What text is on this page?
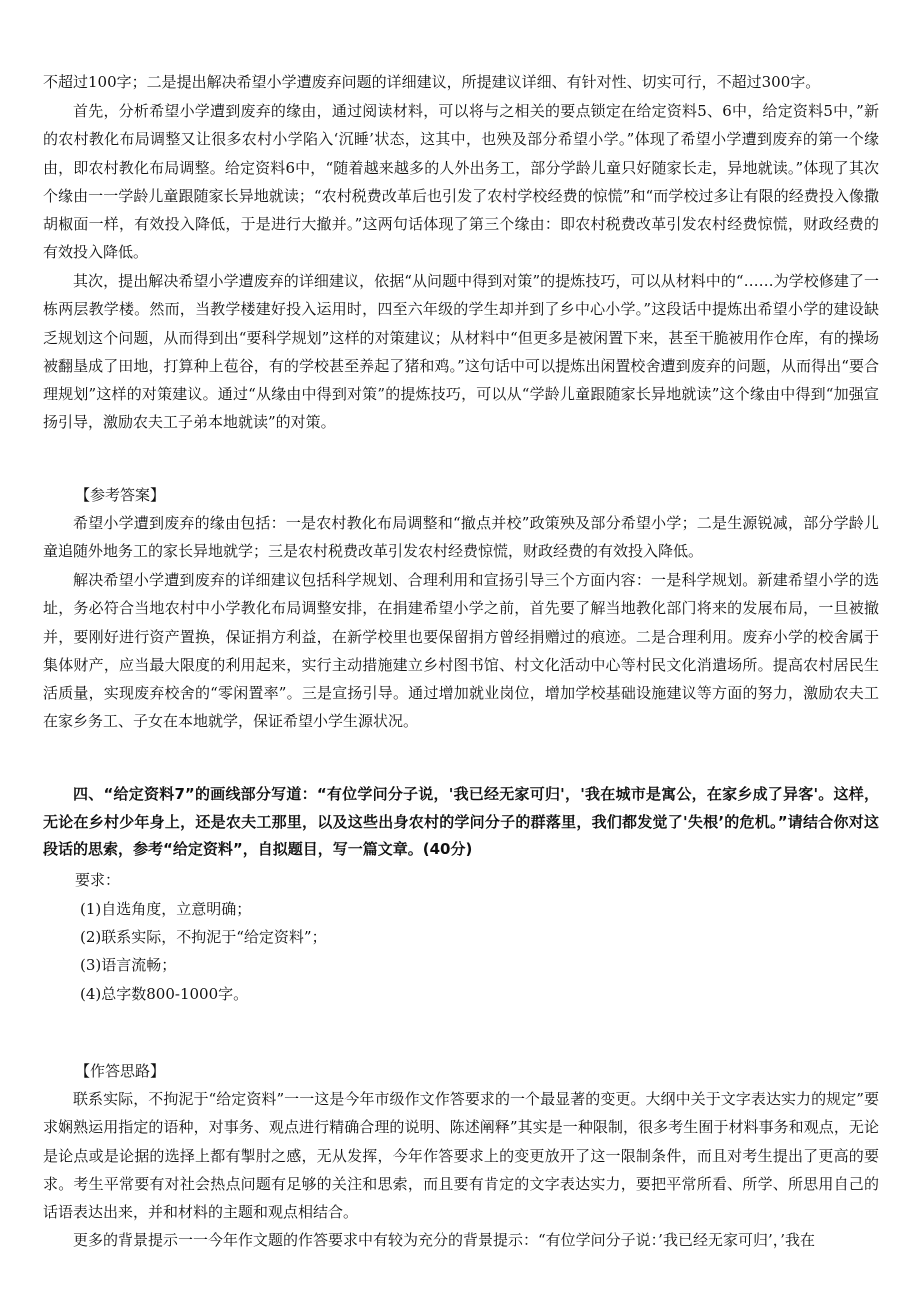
不超过100字；二是提出解决希望小学遭废弃问题的详细建议，所提建议详细、有针对性、切实可行，不超过300字。

首先，分析希望小学遭到废弃的缘由，通过阅读材料，可以将与之相关的要点锁定在给定资料5、6中，给定资料5中，”新的农村教化布局调整又让很多农村小学陷入‘沉睡’状态，这其中，也殃及部分希望小学。”体现了希望小学遭到废弃的第一个缘由，即农村教化布局调整。给定资料6中，“随着越来越多的人外出务工，部分学龄儿童只好随家长走，异地就读。”体现了其次个缘由一一学龄儿童跟随家长异地就读；“农村税费改革后也引发了农村学校经费的惊慌”和“而学校过多让有限的经费投入像撒胡椒面一样，有效投入降低，于是进行大撤并。”这两句话体现了第三个缘由：即农村税费改革引发农村经费惊慌，财政经费的有效投入降低。

其次，提出解决希望小学遭废弃的详细建议，依据“从问题中得到对策”的提炼技巧，可以从材料中的“……为学校修建了一栋两层教学楼。然而，当教学楼建好投入运用时，四至六年级的学生却并到了乡中心小学。”这段话中提炼出希望小学的建设缺乏规划这个问题，从而得到出“要科学规划”这样的对策建议；从材料中“但更多是被闲置下来，甚至干脆被用作仓库，有的操场被翻垦成了田地，打算种上苞谷，有的学校甚至养起了猪和鸡。”这句话中可以提炼出闲置校舍遭到废弃的问题，从而得出“要合理规划”这样的对策建议。通过“从缘由中得到对策”的提炼技巧，可以从“学龄儿童跟随家长异地就读”这个缘由中得到“加强宣扬引导，激励农夫工子弟本地就读”的对策。

【参考答案】

希望小学遭到废弃的缘由包括：一是农村教化布局调整和“撤点并校”政策殃及部分希望小学；二是生源锐减，部分学龄儿童追随外地务工的家长异地就学；三是农村税费改革引发农村经费惊慌，财政经费的有效投入降低。

解决希望小学遭到废弃的详细建议包括科学规划、合理利用和宣扬引导三个方面内容：一是科学规划。新建希望小学的选址，务必符合当地农村中小学教化布局调整安排，在捐建希望小学之前，首先要了解当地教化部门将来的发展布局，一旦被撤并，要刚好进行资产置换，保证捐方利益，在新学校里也要保留捐方曾经捐赠过的痕迹。二是合理利用。废弃小学的校舍属于集体财产，应当最大限度的利用起来，实行主动措施建立乡村图书馆、村文化活动中心等村民文化消遣场所。提高农村居民生活质量，实现废弃校舍的“零闲置率”。三是宣扬引导。通过增加就业岗位，增加学校基础设施建议等方面的努力，激励农夫工在家乡务工、子女在本地就学，保证希望小学生源状况。

四、“给定资料7”的画线部分写道：“有位学问分子说，'我已经无家可归'，'我在城市是寓公，在家乡成了异客'。这样，无论在乡村少年身上，还是农夫工那里，以及这些出身农村的学问分子的群落里，我们都发觉了'失根’的危机。”请结合你对这段话的思索，参考“给定资料”，自拟题目，写一篇文章。(40分)

要求：
(1)自选角度，立意明确；
(2)联系实际，不拘泥于“给定资料”；
(3)语言流畅；
(4)总字数800-1000字。
【作答思路】

联系实际，不拘泥于“给定资料”一一这是今年市级作文作答要求的一个最显著的变更。大纲中关于文字表达实力的规定”要求娴熟运用指定的语种，对事务、观点进行精确合理的说明、陈述阐释”其实是一种限制，很多考生囿于材料事务和观点，无论是论点或是论据的选择上都有掣肘之感，无从发挥，今年作答要求上的变更放开了这一限制条件，而且对考生提出了更高的要求。考生平常要有对社会热点问题有足够的关注和思索，而且要有肯定的文字表达实力，要把平常所看、所学、所思用自己的话语表达出来，并和材料的主题和观点相结合。

更多的背景提示一一今年作文题的作答要求中有较为充分的背景提示：“有位学问分子说：’我已经无家可归’，’我在
